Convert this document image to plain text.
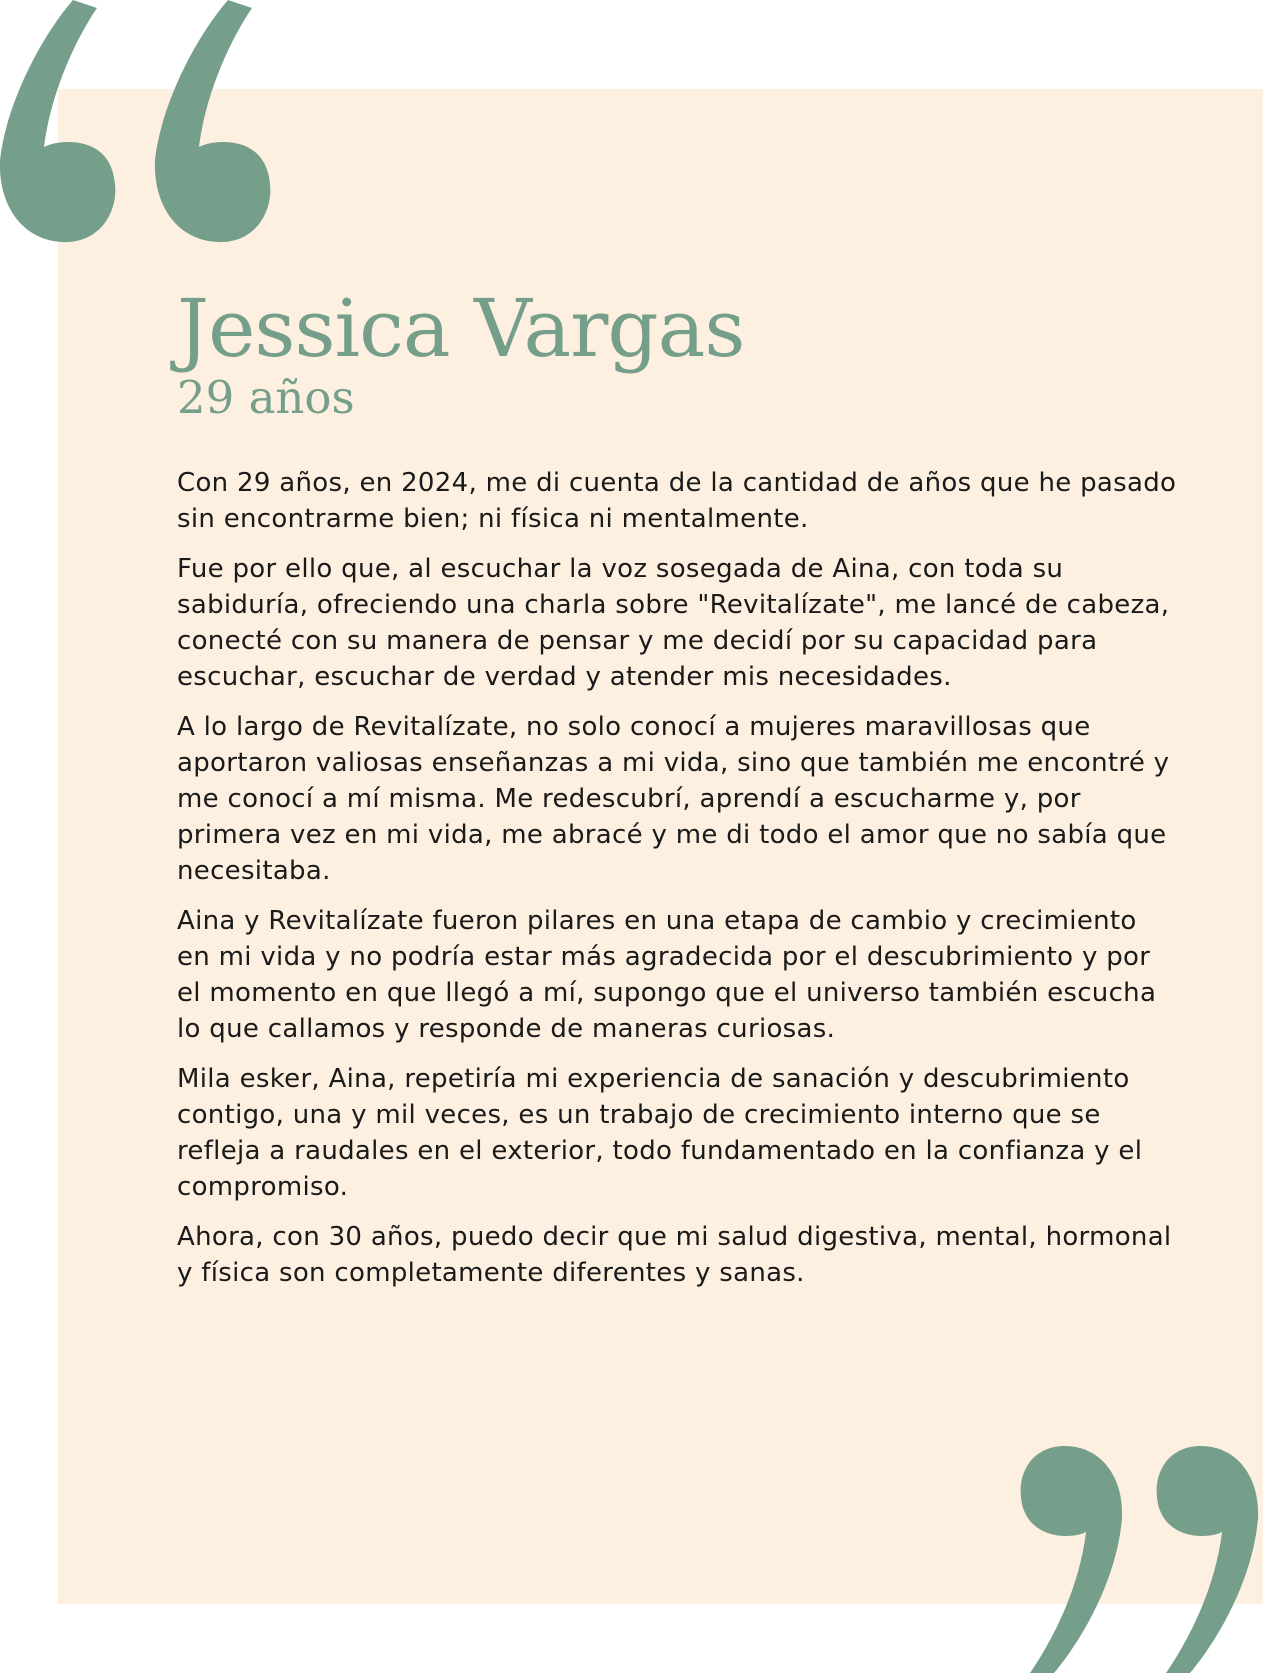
Jessica Vargas
29 años

Con 29 años, en 2024, me di cuenta de la cantidad de años que he pasado sin encontrarme bien; ni física ni mentalmente.

Fue por ello que, al escuchar la voz sosegada de Aina, con toda su sabiduría, ofreciendo una charla sobre "Revitalízate", me lancé de cabeza, conecté con su manera de pensar y me decidí por su capacidad para escuchar, escuchar de verdad y atender mis necesidades.

A lo largo de Revitalízate, no solo conocí a mujeres maravillosas que aportaron valiosas enseñanzas a mi vida, sino que también me encontré y me conocí a mí misma. Me redescubrí, aprendí a escucharme y, por primera vez en mi vida, me abracé y me di todo el amor que no sabía que necesitaba.

Aina y Revitalízate fueron pilares en una etapa de cambio y crecimiento en mi vida y no podría estar más agradecida por el descubrimiento y por el momento en que llegó a mí, supongo que el universo también escucha lo que callamos y responde de maneras curiosas.

Mila esker, Aina, repetiría mi experiencia de sanación y descubrimiento contigo, una y mil veces, es un trabajo de crecimiento interno que se refleja a raudales en el exterior, todo fundamentado en la confianza y el compromiso.

Ahora, con 30 años, puedo decir que mi salud digestiva, mental, hormonal y física son completamente diferentes y sanas.
